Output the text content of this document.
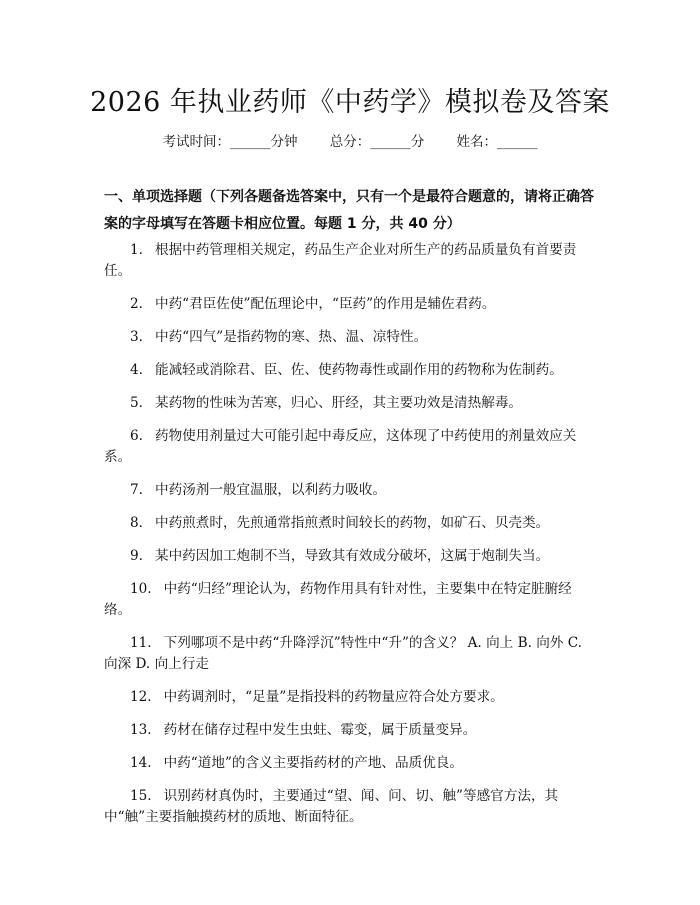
2026 年执业药师《中药学》模拟卷及答案
考试时间：______分钟 总分：______分 姓名：______
一、单项选择题（下列各题备选答案中，只有一个是最符合题意的，请将正确答案的字母填写在答题卡相应位置。每题 1 分，共 40 分）

1. 根据中药管理相关规定，药品生产企业对所生产的药品质量负有首要责任。

2. 中药“君臣佐使”配伍理论中，“臣药”的作用是辅佐君药。

3. 中药“四气”是指药物的寒、热、温、凉特性。

4. 能减轻或消除君、臣、佐、使药物毒性或副作用的药物称为佐制药。

5. 某药物的性味为苦寒，归心、肝经，其主要功效是清热解毒。

6. 药物使用剂量过大可能引起中毒反应，这体现了中药使用的剂量效应关系。

7. 中药汤剂一般宜温服，以利药力吸收。

8. 中药煎煮时，先煎通常指煎煮时间较长的药物，如矿石、贝壳类。

9. 某中药因加工炮制不当，导致其有效成分破坏，这属于炮制失当。

10. 中药“归经”理论认为，药物作用具有针对性，主要集中在特定脏腑经络。

11. 下列哪项不是中药“升降浮沉”特性中“升”的含义？ A. 向上 B. 向外 C. 向深 D. 向上行走

12. 中药调剂时，“足量”是指投料的药物量应符合处方要求。

13. 药材在储存过程中发生虫蛀、霉变，属于质量变异。

14. 中药“道地”的含义主要指药材的产地、品质优良。

15. 识别药材真伪时，主要通过“望、闻、问、切、触”等感官方法，其中“触”主要指触摸药材的质地、断面特征。
